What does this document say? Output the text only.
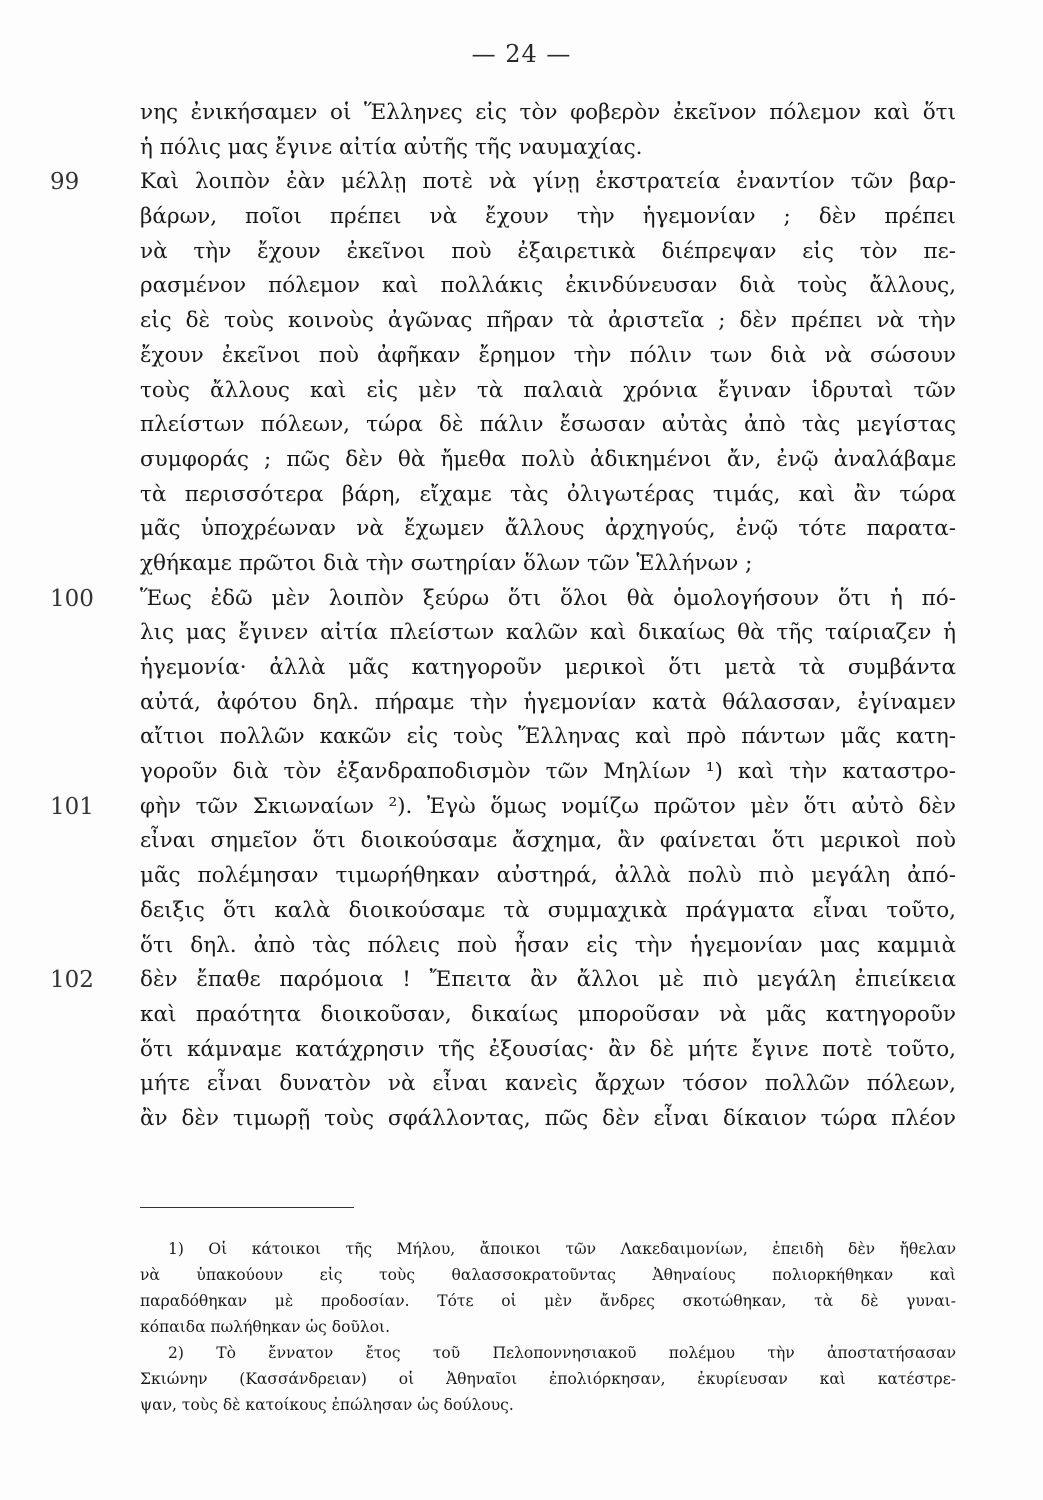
— 24 —
νης ἐνικήσαμεν οἱ Ἕλληνες εἰς τὸν φοβερὸν ἐκεῖνον πόλεμον καὶ ὅτι
ἡ πόλις μας ἔγινε αἰτία αὐτῆς τῆς ναυμαχίας.
99	Καὶ λοιπὸν ἐὰν μέλλῃ ποτὲ νὰ γίνῃ ἐκστρατεία ἐναντίον τῶν βαρ-
βάρων, ποῖοι πρέπει νὰ ἔχουν τὴν ἡγεμονίαν ; δὲν πρέπει
νὰ τὴν ἔχουν ἐκεῖνοι ποὺ ἐξαιρετικὰ διέπρεψαν εἰς τὸν πε-
ρασμένον πόλεμον καὶ πολλάκις ἐκινδύνευσαν διὰ τοὺς ἄλλους,
εἰς δὲ τοὺς κοινοὺς ἀγῶνας πῆραν τὰ ἀριστεῖα ; δὲν πρέπει νὰ τὴν
ἔχουν ἐκεῖνοι ποὺ ἀφῆκαν ἔρημον τὴν πόλιν των διὰ νὰ σώσουν
τοὺς ἄλλους καὶ εἰς μὲν τὰ παλαιὰ χρόνια ἔγιναν ἱδρυταὶ τῶν
πλείστων πόλεων, τώρα δὲ πάλιν ἔσωσαν αὐτὰς ἀπὸ τὰς μεγίστας
συμφοράς ; πῶς δὲν θὰ ἤμεθα πολὺ ἀδικημένοι ἄν, ἐνῷ ἀναλάβαμε
τὰ περισσότερα βάρη, εἴχαμε τὰς ὀλιγωτέρας τιμάς, καὶ ἂν τώρα
μᾶς ὑποχρέωναν νὰ ἔχωμεν ἄλλους ἀρχηγούς, ἐνῷ τότε παρατα-
χθήκαμε πρῶτοι διὰ τὴν σωτηρίαν ὅλων τῶν Ἑλλήνων ;
100 Ἕως ἐδῶ μὲν λοιπὸν ξεύρω ὅτι ὅλοι θὰ ὁμολογήσουν ὅτι ἡ πό-
λις μας ἔγινεν αἰτία πλείστων καλῶν καὶ δικαίως θὰ τῆς ταίριαζεν ἡ
ἡγεμονία· ἀλλὰ μᾶς κατηγοροῦν μερικοὶ ὅτι μετὰ τὰ συμβάντα
αὐτά, ἀφότου δηλ. πήραμε τὴν ἡγεμονίαν κατὰ θάλασσαν, ἐγίναμεν
αἴτιοι πολλῶν κακῶν εἰς τοὺς Ἕλληνας καὶ πρὸ πάντων μᾶς κατη-
γοροῦν διὰ τὸν ἐξανδραποδισμὸν τῶν Μηλίων ¹) καὶ τὴν καταστρο-
101 φὴν τῶν Σκιωναίων ²). Ἐγὼ ὅμως νομίζω πρῶτον μὲν ὅτι αὐτὸ δὲν
εἶναι σημεῖον ὅτι διοικούσαμε ἄσχημα, ἂν φαίνεται ὅτι μερικοὶ ποὺ
μᾶς πολέμησαν τιμωρήθηκαν αὐστηρά, ἀλλὰ πολὺ πιὸ μεγάλη ἀπό-
δειξις ὅτι καλὰ διοικούσαμε τὰ συμμαχικὰ πράγματα εἶναι τοῦτο,
ὅτι δηλ. ἀπὸ τὰς πόλεις ποὺ ἦσαν εἰς τὴν ἡγεμονίαν μας καμμιὰ
102 δὲν ἔπαθε παρόμοια ! Ἔπειτα ἂν ἄλλοι μὲ πιὸ μεγάλη ἐπιείκεια
καὶ πραότητα διοικοῦσαν, δικαίως μποροῦσαν νὰ μᾶς κατηγοροῦν
ὅτι κάμναμε κατάχρησιν τῆς ἐξουσίας· ἂν δὲ μήτε ἔγινε ποτὲ τοῦτο,
μήτε εἶναι δυνατὸν νὰ εἶναι κανεὶς ἄρχων τόσον πολλῶν πόλεων,
ἂν δὲν τιμωρῇ τοὺς σφάλλοντας, πῶς δὲν εἶναι δίκαιον τώρα πλέον
1) Οἱ κάτοικοι τῆς Μήλου, ἄποικοι τῶν Λακεδαιμονίων, ἐπειδὴ δὲν ἤθελαν
νὰ ὑπακούουν εἰς τοὺς θαλασσοκρατοῦντας Ἀθηναίους πολιορκήθηκαν καὶ
παραδόθηκαν μὲ προδοσίαν. Τότε οἱ μὲν ἄνδρες σκοτώθηκαν, τὰ δὲ γυναι-
κόπαιδα πωλήθηκαν ὡς δοῦλοι.
2) Τὸ ἔννατον ἔτος τοῦ Πελοποννησιακοῦ πολέμου τὴν ἀποστατήσασαν
Σκιώνην (Κασσάνδρειαν) οἱ Ἀθηναῖοι ἐπολιόρκησαν, ἐκυρίευσαν καὶ κατέστρε-
ψαν, τοὺς δὲ κατοίκους ἐπώλησαν ὡς δούλους.
